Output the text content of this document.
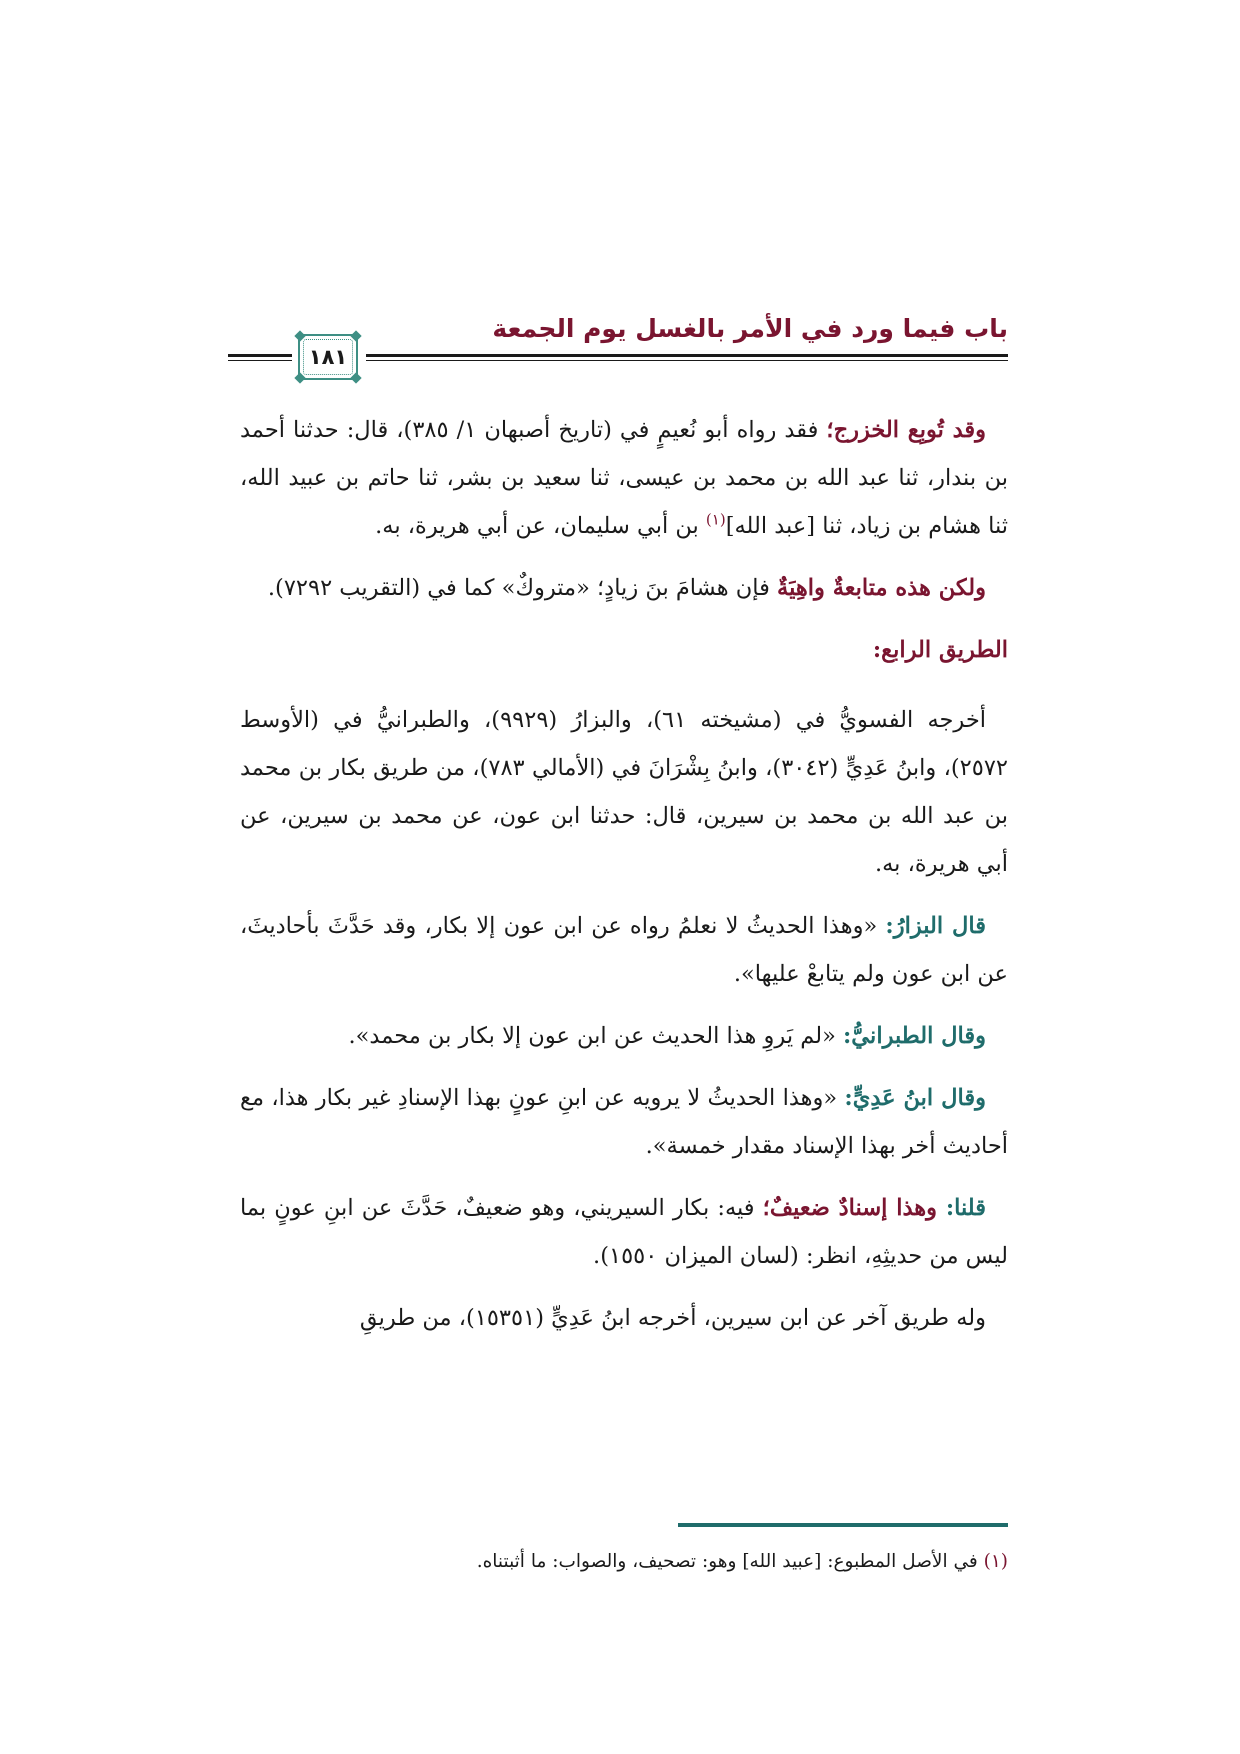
باب فيما ورد في الأمر بالغسل يوم الجمعة
١٨١

وقد تُوبِع الخزرج؛ فقد رواه أبو نُعيمٍ في (تاريخ أصبهان ١/ ٣٨٥)، قال: حدثنا أحمد بن بندار، ثنا عبد الله بن محمد بن عيسى، ثنا سعيد بن بشر، ثنا حاتم بن عبيد الله، ثنا هشام بن زياد، ثنا [عبد الله]$^{(١)}$ بن أبي سليمان، عن أبي هريرة، به.

ولكن هذه متابعةٌ واهِيَةٌ فإن هشامَ بنَ زيادٍ؛ «متروكٌ» كما في (التقريب ٧٢٩٢).

الطريق الرابع:

أخرجه الفسويُّ في (مشيخته ٦١)، والبزارُ (٩٩٢٩)، والطبرانيُّ في (الأوسط ٢٥٧٢)، وابنُ عَدِيٍّ (٣٠٤٢)، وابنُ بِشْرَانَ في (الأمالي ٧٨٣)، من طريق بكار بن محمد بن عبد الله بن محمد بن سيرين، قال: حدثنا ابن عون، عن محمد بن سيرين، عن أبي هريرة، به.

قال البزارُ: «وهذا الحديثُ لا نعلمُ رواه عن ابن عون إلا بكار، وقد حَدَّثَ بأحاديثَ، عن ابن عون ولم يتابعْ عليها».

وقال الطبرانيُّ: «لم يَروِ هذا الحديث عن ابن عون إلا بكار بن محمد».

وقال ابنُ عَدِيٍّ: «وهذا الحديثُ لا يرويه عن ابنِ عونٍ بهذا الإسنادِ غير بكار هذا، مع أحاديث أخر بهذا الإسناد مقدار خمسة».

قلنا: وهذا إسنادٌ ضعيفٌ؛ فيه: بكار السيريني، وهو ضعيفٌ، حَدَّثَ عن ابنِ عونٍ بما ليس من حديثِهِ، انظر: (لسان الميزان ١٥٥٠).

وله طريق آخر عن ابن سيرين، أخرجه ابنُ عَدِيٍّ (١٥٣٥١)، من طريقِ

(١) في الأصل المطبوع: [عبيد الله] وهو: تصحيف، والصواب: ما أثبتناه.
